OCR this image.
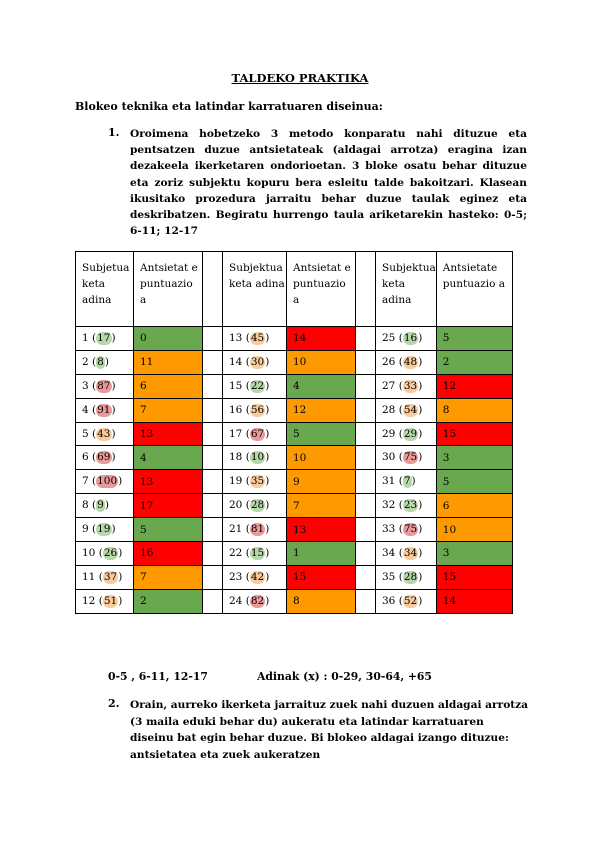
TALDEKO PRAKTIKA
Blokeo teknika eta latindar karratuaren diseinua:
1. Oroimena hobetzeko 3 metodo konparatu nahi dituzue eta pentsatzen duzue antsietateak (aldagai arrotza) eragina izan dezakeela ikerketaren ondorioetan. 3 bloke osatu behar dituzue eta zoriz subjektu kopuru bera esleitu talde bakoitzari. Klasean ikusitako prozedura jarraitu behar duzue taulak eginez eta deskribatzen. Begiratu hurrengo taula ariketarekin hasteko: 0-5; 6-11; 12-17
Subjetua keta adina	Antsietat e puntuazio a		Subjektua keta adina	Antsietat e puntuazio a		Subjektua keta adina	Antsietate puntuazio a
1 (17)	0		13 (45)	14		25 (16)	5
2 (8)	11		14 (30)	10		26 (48)	2
3 (87)	6		15 (22)	4		27 (33)	12
4 (91)	7		16 (56)	12		28 (54)	8
5 (43)	13		17 (67)	5		29 (29)	15
6 (69)	4		18 (10)	10		30 (75)	3
7 (100)	13		19 (35)	9		31 (7)	5
8 (9)	17		20 (28)	7		32 (23)	6
9 (19)	5		21 (81)	13		33 (75)	10
10 (26)	16		22 (15)	1		34 (34)	3
11 (37)	7		23 (42)	15		35 (28)	15
12 (51)	2		24 (82)	8		36 (52)	14
0-5 , 6-11, 12-17	Adinak (x) : 0-29, 30-64, +65
2. Orain, aurreko ikerketa jarraituz zuek nahi duzuen aldagai arrotza (3 maila eduki behar du) aukeratu eta latindar karratuaren diseinu bat egin behar duzue. Bi blokeo aldagai izango dituzue: antsietatea eta zuek aukeratzen
